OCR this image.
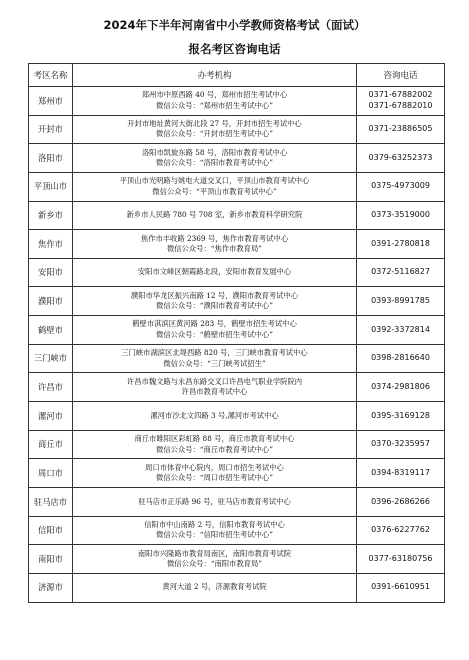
2024年下半年河南省中小学教师资格考试（面试）
报名考区咨询电话
考区名称	办考机构	咨询电话
郑州市	郑州市中原西路 40 号，郑州市招生考试中心
微信公众号：“郑州市招生考试中心”	0371-67882002
0371-67882010

开封市	开封市地址黄河大街北段 27 号，开封市招生考试中心
微信公众号：“开封市招生考试中心”	0371-23886505

洛阳市	洛阳市凯旋东路 58 号，洛阳市教育考试中心
微信公众号：“洛阳市教育考试中心”	0379-63252373

平顶山市	平顶山市光明路与姚电大道交叉口，平顶山市教育考试中心
微信公众号：“平顶山市教育考试中心”	0375-4973009

新乡市	新乡市人民路 780 号 708 室，新乡市教育科学研究院	0373-3519000

焦作市	焦作市丰收路 2369 号，焦作市教育考试中心
微信公众号：“焦作市教育局”	0391-2780818

安阳市	安阳市文峰区朝霞路北段，安阳市教育发展中心	0372-5116827

濮阳市	濮阳市华龙区振兴南路 12 号，濮阳市教育考试中心
微信公众号：“濮阳市教育考试中心”	0393-8991785

鹤壁市	鹤壁市淇滨区黄河路 283 号，鹤壁市招生考试中心
微信公众号：“鹤壁市招生考试中心”	0392-3372814

三门峡市	三门峡市湖滨区北堤西路 820 号，三门峡市教育考试中心
微信公众号：“三门峡考试招生”	0398-2816640

许昌市	许昌市魏文路与永昌东路交叉口许昌电气职业学院院内
许昌市教育考试中心	0374-2981806

漯河市	漯河市沙北文四路 3 号,漯河市考试中心	0395-3169128

商丘市	商丘市睢阳区彩虹路 88 号，商丘市教育考试中心
微信公众号：“商丘市教育考试中心”	0370-3235957

周口市	周口市体育中心院内，周口市招生考试中心
微信公众号：“周口市招生考试中心”	0394-8319117

驻马店市	驻马店市正乐路 96 号，驻马店市教育考试中心	0396-2686266

信阳市	信阳市中山南路 2 号，信阳市教育考试中心
微信公众号：“信阳市招生考试中心”	0376-6227762

南阳市	南阳市兴隆路市教育局南区，南阳市教育考试院
微信公众号：“南阳市教育局”	0377-63180756

济源市	黄河大道 2 号，济源教育考试院	0391-6610951
